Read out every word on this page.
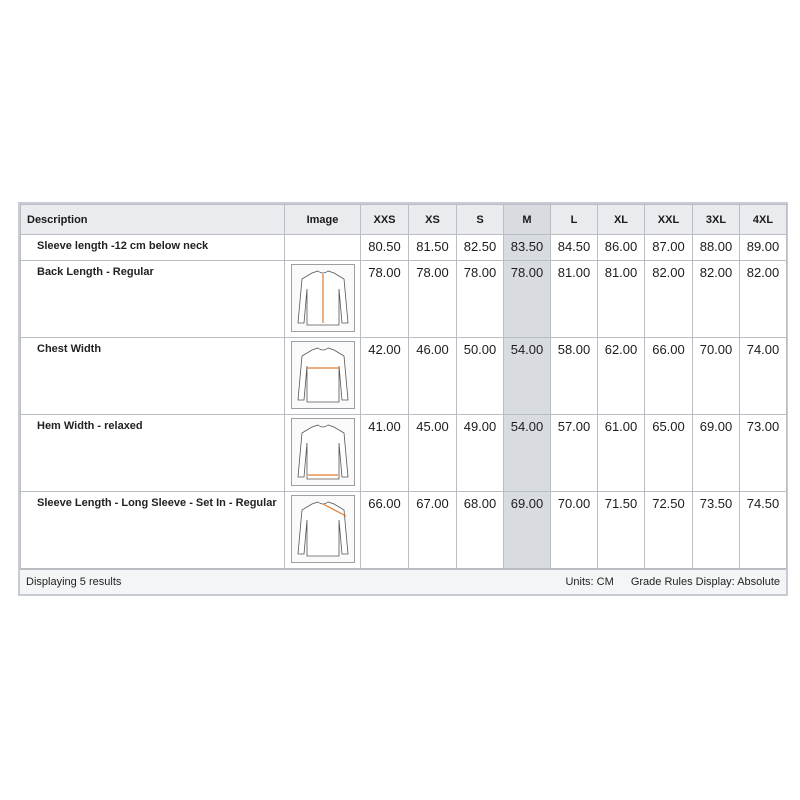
Description	Image	XXS	XS	S	M	L	XL	XXL	3XL	4XL
Sleeve length -12 cm below neck		80.50	81.50	82.50	83.50	84.50	86.00	87.00	88.00	89.00
Back Length - Regular		78.00	78.00	78.00	78.00	81.00	81.00	82.00	82.00	82.00
Chest Width		42.00	46.00	50.00	54.00	58.00	62.00	66.00	70.00	74.00
Hem Width - relaxed		41.00	45.00	49.00	54.00	57.00	61.00	65.00	69.00	73.00
Sleeve Length - Long Sleeve - Set In - Regular		66.00	67.00	68.00	69.00	70.00	71.50	72.50	73.50	74.50
Displaying 5 results	Units: CM Grade Rules Display: Absolute
